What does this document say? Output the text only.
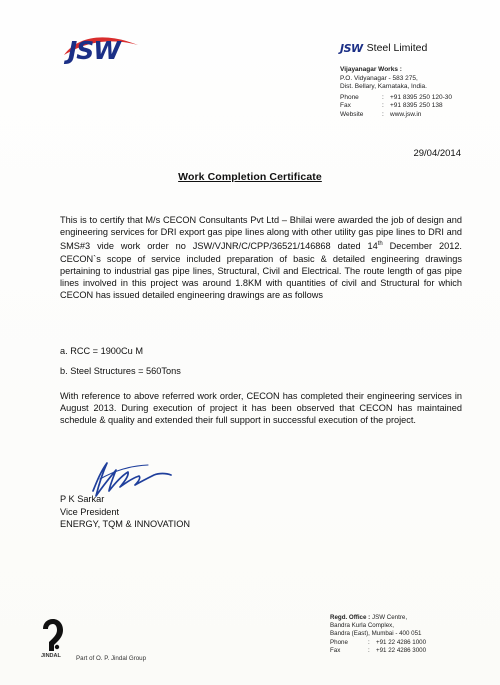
JSW	JSW Steel Limited
Vijayanagar Works :
P.O. Vidyanagar - 583 275,
Dist. Bellary, Karnataka, India.
Phone	: +91 8395 250 120-30
Fax	: +91 8395 250 138
Website	: www.jsw.in
29/04/2014
Work Completion Certificate
This is to certify that M/s CECON Consultants Pvt Ltd – Bhilai were awarded the job of design and engineering services for DRI export gas pipe lines along with other utility gas pipe lines to DRI and SMS#3 vide work order no JSW/VJNR/C/CPP/36521/146868 dated 14th December 2012. CECON`s scope of service included preparation of basic & detailed engineering drawings pertaining to industrial gas pipe lines, Structural, Civil and Electrical. The route length of gas pipe lines involved in this project was around 1.8KM with quantities of civil and Structural for which CECON has issued detailed engineering drawings are as follows
a. RCC = 1900Cu M
b. Steel Structures = 560Tons
With reference to above referred work order, CECON has completed their engineering services in August 2013. During execution of project it has been observed that CECON has maintained schedule & quality and extended their full support in successful execution of the project.
P K Sarkar
Vice President
ENERGY, TQM & INNOVATION
JINDAL Part of O. P. Jindal Group
Regd. Office : JSW Centre,
Bandra Kurla Complex,
Bandra (East), Mumbai - 400 051
Phone	:	+91 22 4286 1000
Fax	:	+91 22 4286 3000
